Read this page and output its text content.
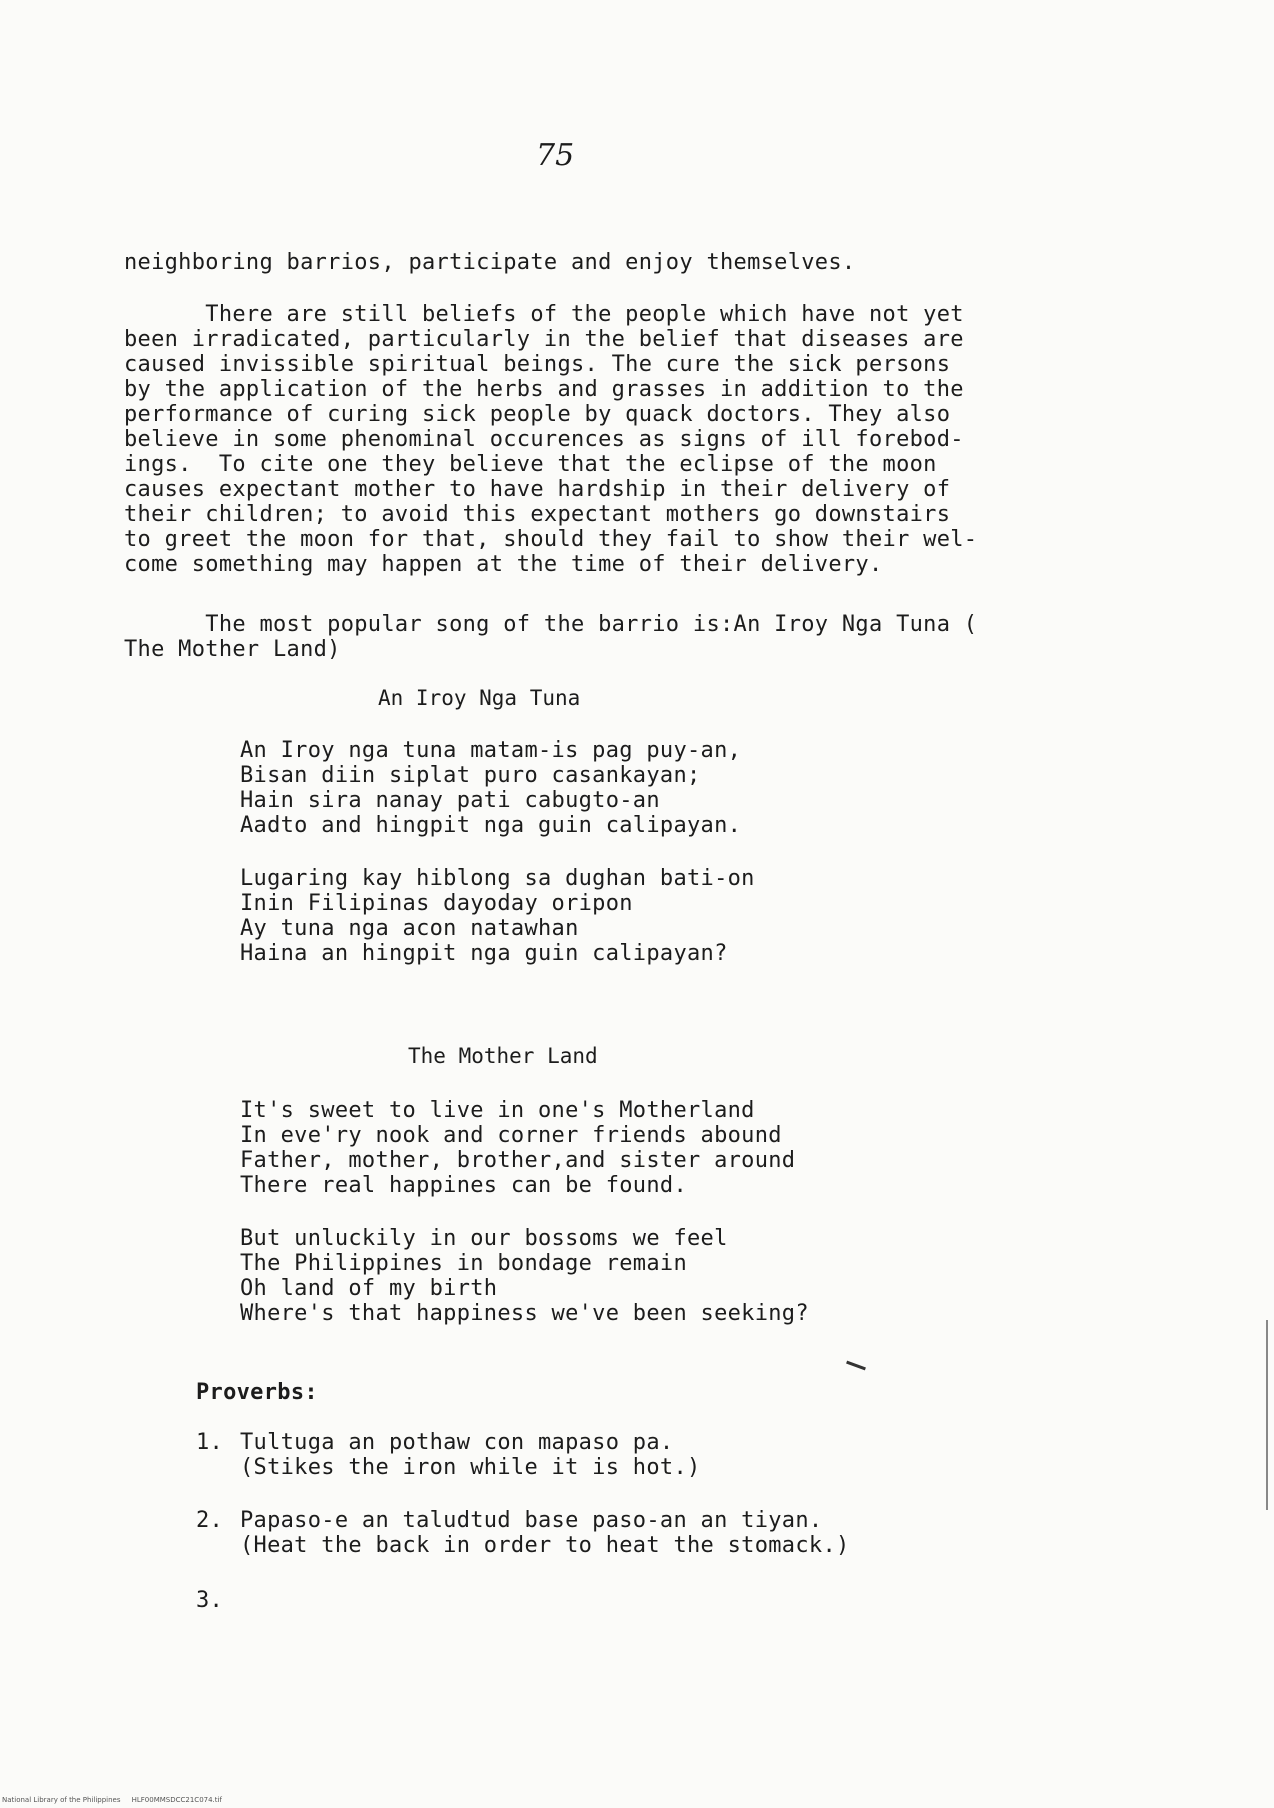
75
neighboring barrios, participate and enjoy themselves.
There are still beliefs of the people which have not yet
been irradicated, particularly in the belief that diseases are
caused invissible spiritual beings. The cure the sick persons
by the application of the herbs and grasses in addition to the
performance of curing sick people by quack doctors. They also
believe in some phenominal occurences as signs of ill forebod-
ings.  To cite one they believe that the eclipse of the moon
causes expectant mother to have hardship in their delivery of
their children; to avoid this expectant mothers go downstairs
to greet the moon for that, should they fail to show their wel-
come something may happen at the time of their delivery.
The most popular song of the barrio is:An Iroy Nga Tuna (
The Mother Land)
An Iroy Nga Tuna
An Iroy nga tuna matam-is pag puy-an,
Bisan diin siplat puro casankayan;
Hain sira nanay pati cabugto-an
Aadto and hingpit nga guin calipayan.
Lugaring kay hiblong sa dughan bati-on
Inin Filipinas dayoday oripon
Ay tuna nga acon natawhan
Haina an hingpit nga guin calipayan?
The Mother Land
It's sweet to live in one's Motherland
In eve'ry nook and corner friends abound
Father, mother, brother,and sister around
There real happines can be found.
But unluckily in our bossoms we feel
The Philippines in bondage remain
Oh land of my birth
Where's that happiness we've been seeking?
Proverbs:
1. Tultuga an pothaw con mapaso pa.
(Stikes the iron while it is hot.)
2. Papaso-e an taludtud base paso-an an tiyan.
(Heat the back in order to heat the stomack.)
3.
National Library of the Philippines     HLF00MMSDCC21C074.tif
